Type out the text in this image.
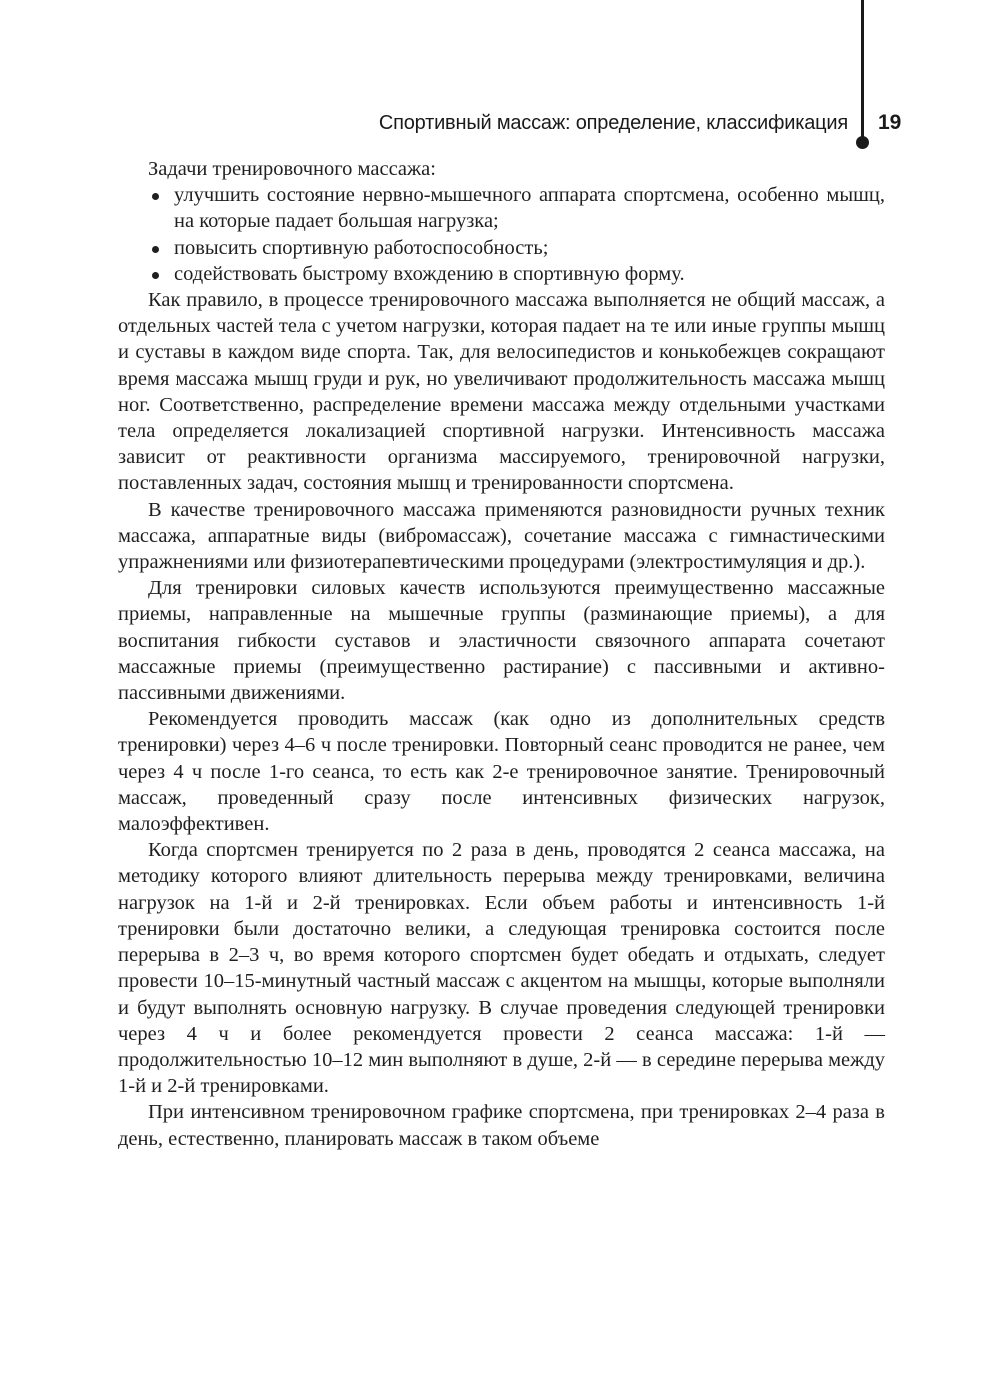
Спортивный массаж: определение, классификация 19
Задачи тренировочного массажа:
улучшить состояние нервно-мышечного аппарата спортсмена, особенно мышц, на которые падает большая нагрузка;
повысить спортивную работоспособность;
содействовать быстрому вхождению в спортивную форму.

Как правило, в процессе тренировочного массажа выполняется не общий массаж, а отдельных частей тела с учетом нагрузки, которая падает на те или иные группы мышц и суставы в каждом виде спорта. Так, для велосипедистов и конькобежцев сокращают время массажа мышц груди и рук, но увеличивают продолжительность массажа мышц ног. Соответственно, распределение времени массажа между отдельными участками тела определяется локализацией спортивной нагрузки. Интенсивность массажа зависит от реактивности организма массируемого, тренировочной нагрузки, поставленных задач, состояния мышц и тренированности спортсмена.

В качестве тренировочного массажа применяются разновидности ручных техник массажа, аппаратные виды (вибромассаж), сочетание массажа с гимнастическими упражнениями или физиотерапевтическими процедурами (электростимуляция и др.).

Для тренировки силовых качеств используются преимущественно массажные приемы, направленные на мышечные группы (разминающие приемы), а для воспитания гибкости суставов и эластичности связочного аппарата сочетают массажные приемы (преимущественно растирание) с пассивными и активно-пассивными движениями.

Рекомендуется проводить массаж (как одно из дополнительных средств тренировки) через 4–6 ч после тренировки. Повторный сеанс проводится не ранее, чем через 4 ч после 1-го сеанса, то есть как 2-е тренировочное занятие. Тренировочный массаж, проведенный сразу после интенсивных физических нагрузок, малоэффективен.

Когда спортсмен тренируется по 2 раза в день, проводятся 2 сеанса массажа, на методику которого влияют длительность перерыва между тренировками, величина нагрузок на 1-й и 2-й тренировках. Если объем работы и интенсивность 1-й тренировки были достаточно велики, а следующая тренировка состоится после перерыва в 2–3 ч, во время которого спортсмен будет обедать и отдыхать, следует провести 10–15-минутный частный массаж с акцентом на мышцы, которые выполняли и будут выполнять основную нагрузку. В случае проведения следующей тренировки через 4 ч и более рекомендуется провести 2 сеанса массажа: 1-й — продолжительностью 10–12 мин выполняют в душе, 2-й — в середине перерыва между 1-й и 2-й тренировками.

При интенсивном тренировочном графике спортсмена, при тренировках 2–4 раза в день, естественно, планировать массаж в таком объеме
